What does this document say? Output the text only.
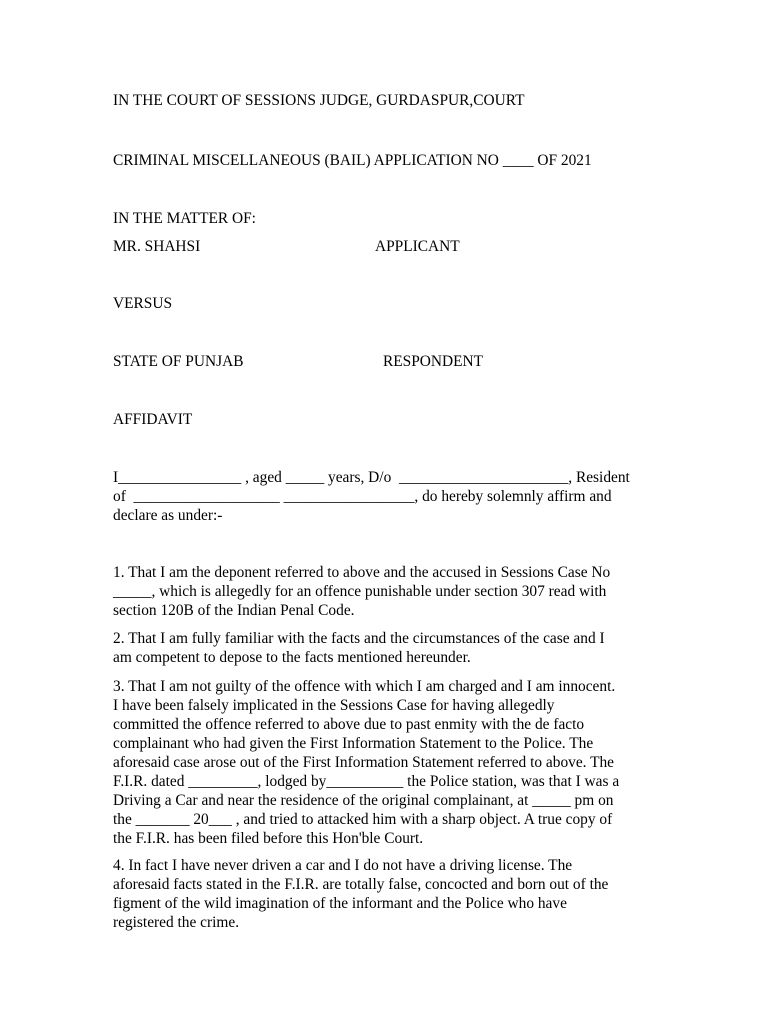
IN THE COURT OF SESSIONS JUDGE, GURDASPUR,COURT
CRIMINAL MISCELLANEOUS (BAIL) APPLICATION NO ____ OF 2021
IN THE MATTER OF:
MR. SHAHSI	APPLICANT
VERSUS
STATE OF PUNJAB	RESPONDENT
AFFIDAVIT
I________________ , aged _____ years, D/o  ______________________, Resident
of  ___________________ _________________, do hereby solemnly affirm and
declare as under:-
1. That I am the deponent referred to above and the accused in Sessions Case No
_____, which is allegedly for an offence punishable under section 307 read with
section 120B of the Indian Penal Code.
2. That I am fully familiar with the facts and the circumstances of the case and I
am competent to depose to the facts mentioned hereunder.
3. That I am not guilty of the offence with which I am charged and I am innocent.
I have been falsely implicated in the Sessions Case for having allegedly
committed the offence referred to above due to past enmity with the de facto
complainant who had given the First Information Statement to the Police. The
aforesaid case arose out of the First Information Statement referred to above. The
F.I.R. dated _________, lodged by__________ the Police station, was that I was a
Driving a Car and near the residence of the original complainant, at _____ pm on
the _______ 20___ , and tried to attacked him with a sharp object. A true copy of
the F.I.R. has been filed before this Hon'ble Court.
4. In fact I have never driven a car and I do not have a driving license. The
aforesaid facts stated in the F.I.R. are totally false, concocted and born out of the
figment of the wild imagination of the informant and the Police who have
registered the crime.
